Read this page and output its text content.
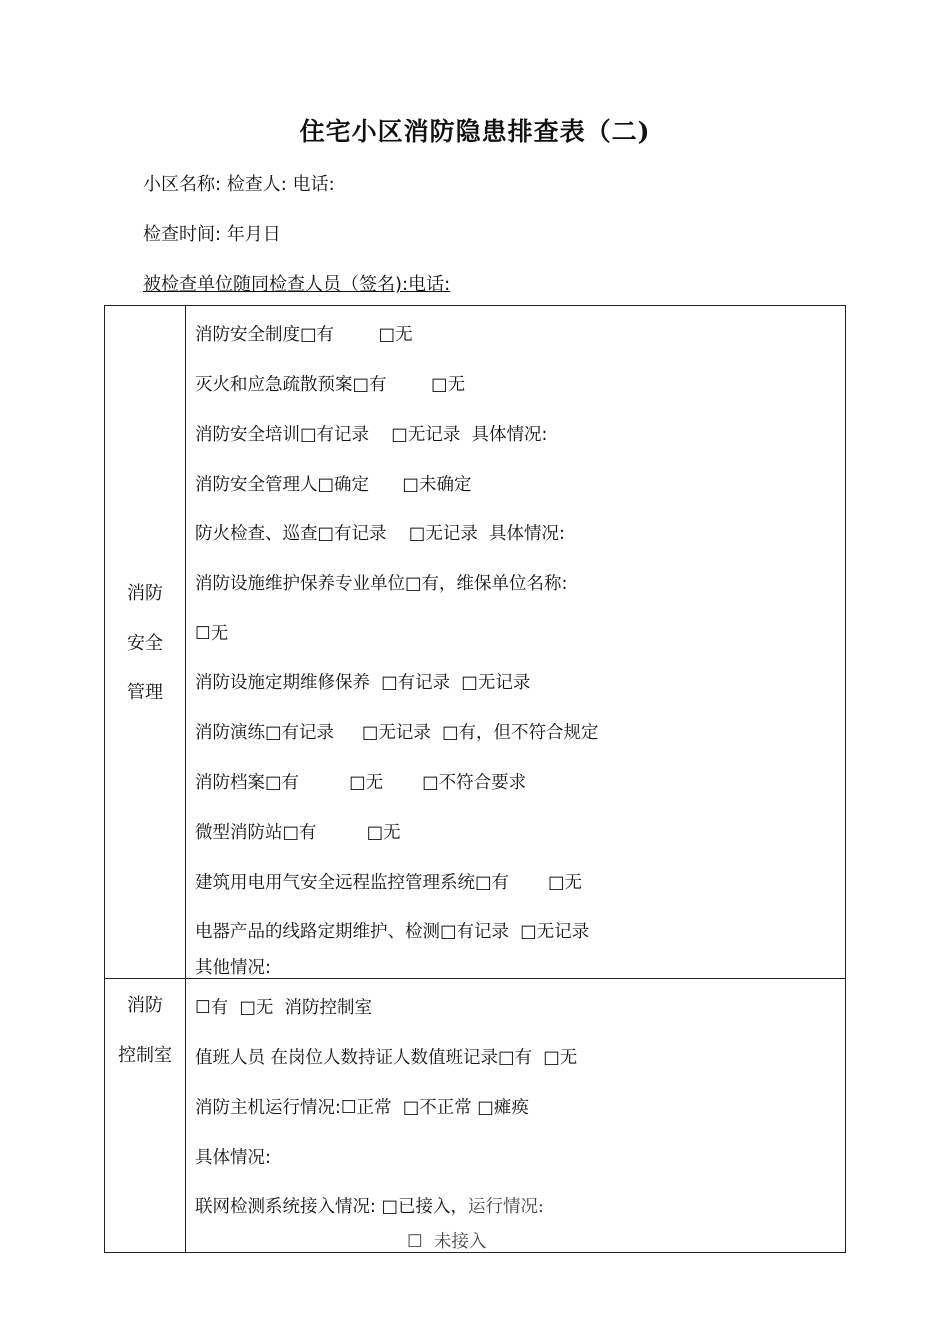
住宅小区消防隐患排查表（二)
小区名称: 检查人: 电话:
检查时间: 年月日
被检查单位随同检查人员（签名):电话:
消防
安全
管理
消防安全制度□有        □无
灭火和应急疏散预案□有        □无
消防安全培训□有记录    □无记录  具体情况:
消防安全管理人□确定      □未确定
防火检查、巡查□有记录    □无记录  具体情况:
消防设施维护保养专业单位□有，维保单位名称:
☐无
消防设施定期维修保养  □有记录  □无记录
消防演练□有记录     □无记录  □有，但不符合规定
消防档案□有         □无       □不符合要求
微型消防站□有         □无
建筑用电用气安全远程监控管理系统□有       □无
电器产品的线路定期维护、检测□有记录  □无记录
其他情况:
消防
控制室
☐有  □无  消防控制室
值班人员 在岗位人数持证人数值班记录□有  □无
消防主机运行情况:☐正常  □不正常 □瘫痪
具体情况:
联网检测系统接入情况: □已接入，运行情况:
☐  未接入
